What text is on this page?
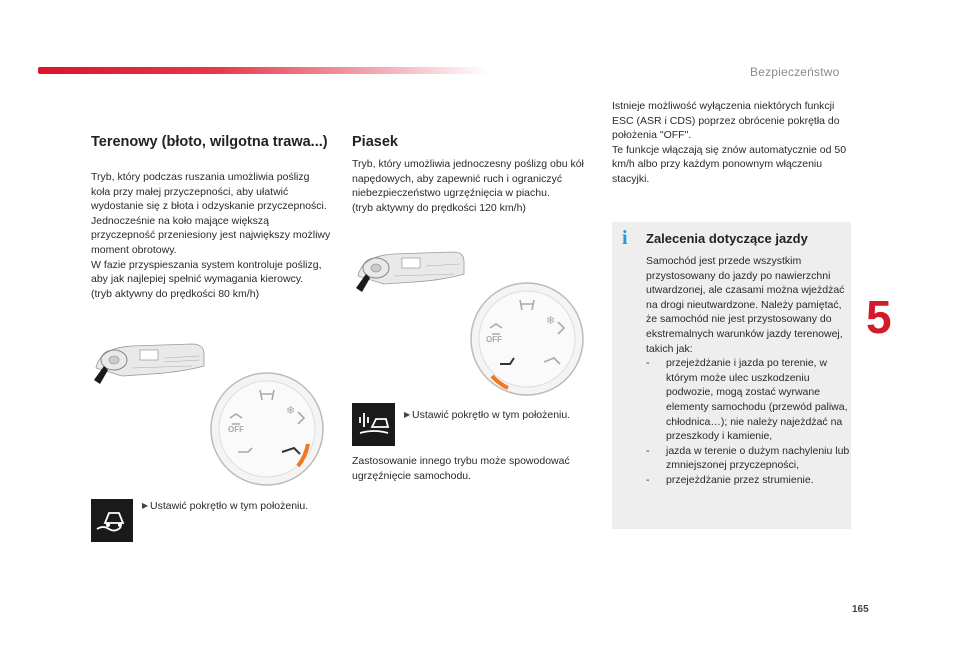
Bezpieczeństwo
Terenowy (błoto, wilgotna trawa...)

Tryb, który podczas ruszania umożliwia poślizg koła przy małej przyczepności, aby ułatwić wydostanie się z błota i odzyskanie przyczepności. Jednocześnie na koło mające większą przyczepność przeniesiony jest największy możliwy moment obrotowy.
W fazie przyspieszania system kontroluje poślizg, aby jak najlepiej spełnić wymagania kierowcy.
(tryb aktywny do prędkości 80 km/h)

OFF
❄
▶ Ustawić pokrętło w tym położeniu.
Piasek

Tryb, który umożliwia jednoczesny poślizg obu kół napędowych, aby zapewnić ruch i ograniczyć niebezpieczeństwo ugrzęźnięcia w piachu.
(tryb aktywny do prędkości 120 km/h)

OFF
❄
▶ Ustawić pokrętło w tym położeniu.

Zastosowanie innego trybu może spowodować ugrzęźnięcie samochodu.

Istnieje możliwość wyłączenia niektórych funkcji ESC (ASR i CDS) poprzez obrócenie pokrętła do położenia "OFF".
Te funkcje włączają się znów automatycznie od 50 km/h albo przy każdym ponownym włączeniu stacyjki.

i	Zalecenia dotyczące jazdy

Samochód jest przede wszystkim przystosowany do jazdy po nawierzchni utwardzonej, ale czasami można wjeżdżać na drogi nieutwardzone. Należy pamiętać, że samochód nie jest przystosowany do ekstremalnych warunków jazdy terenowej, takich jak:

- przejeżdżanie i jazda po terenie, w którym może ulec uszkodzeniu podwozie, mogą zostać wyrwane elementy samochodu (przewód paliwa, chłodnica…); nie należy najeżdżać na przeszkody i kamienie,
- jazda w terenie o dużym nachyleniu lub zmniejszonej przyczepności,
- przejeżdżanie przez strumienie.
5
165
